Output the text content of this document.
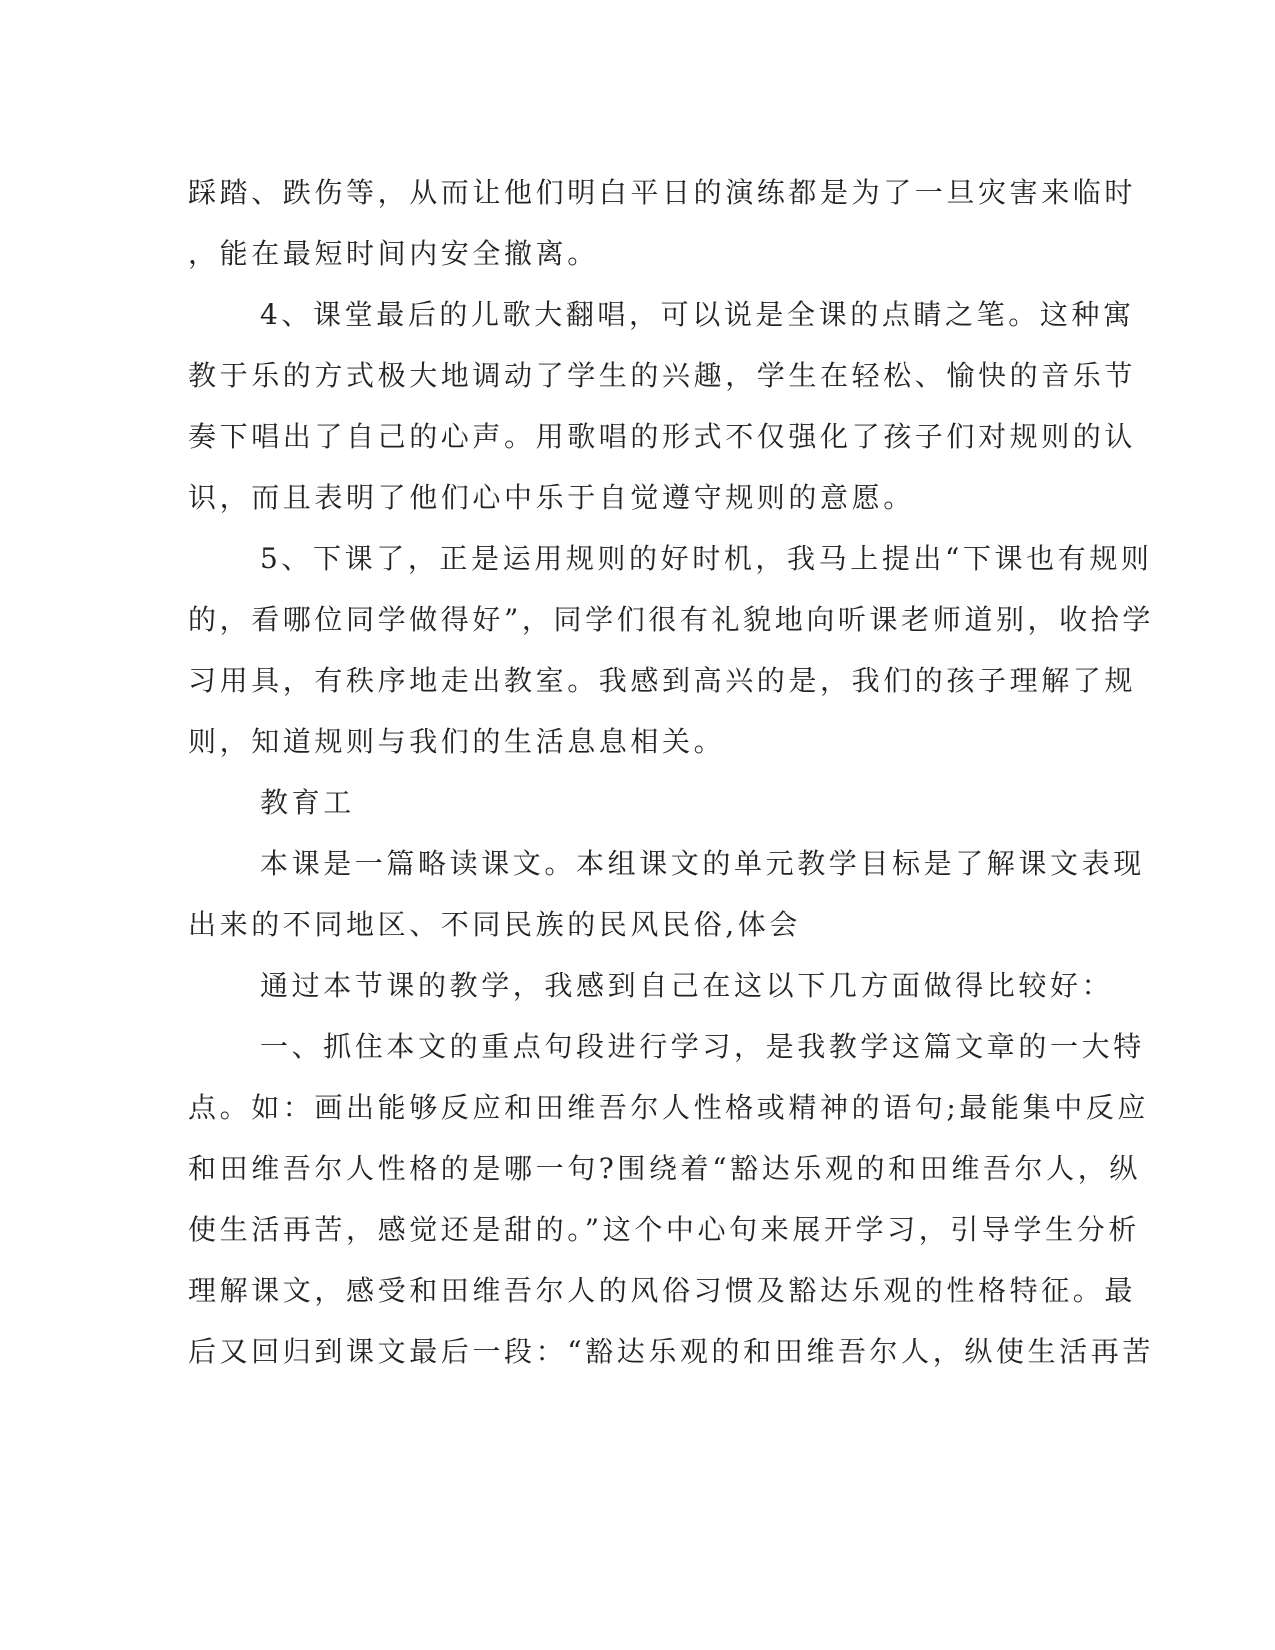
踩踏、跌伤等，从而让他们明白平日的演练都是为了一旦灾害来临时
，能在最短时间内安全撤离。
4、课堂最后的儿歌大翻唱，可以说是全课的点睛之笔。这种寓
教于乐的方式极大地调动了学生的兴趣，学生在轻松、愉快的音乐节
奏下唱出了自己的心声。用歌唱的形式不仅强化了孩子们对规则的认
识，而且表明了他们心中乐于自觉遵守规则的意愿。
5、下课了，正是运用规则的好时机，我马上提出“下课也有规则
的，看哪位同学做得好”，同学们很有礼貌地向听课老师道别，收拾学
习用具，有秩序地走出教室。我感到高兴的是，我们的孩子理解了规
则，知道规则与我们的生活息息相关。
教育工
本课是一篇略读课文。本组课文的单元教学目标是了解课文表现
出来的不同地区、不同民族的民风民俗,体会
通过本节课的教学，我感到自己在这以下几方面做得比较好：
一、抓住本文的重点句段进行学习，是我教学这篇文章的一大特
点。如：画出能够反应和田维吾尔人性格或精神的语句;最能集中反应
和田维吾尔人性格的是哪一句?围绕着“豁达乐观的和田维吾尔人，纵
使生活再苦，感觉还是甜的。”这个中心句来展开学习，引导学生分析
理解课文，感受和田维吾尔人的风俗习惯及豁达乐观的性格特征。最
后又回归到课文最后一段：“豁达乐观的和田维吾尔人，纵使生活再苦
